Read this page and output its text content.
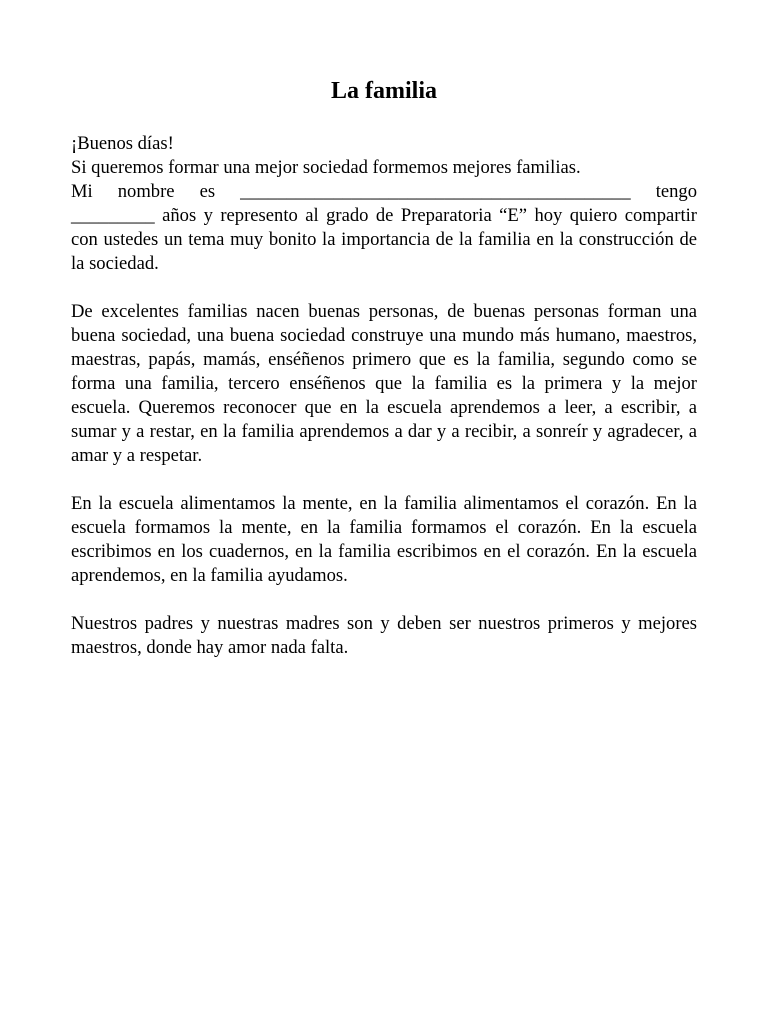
La familia
¡Buenos días!
Si queremos formar una mejor sociedad formemos mejores familias.
Mi nombre es __________________________________________ tengo
_________ años y represento al grado de Preparatoria “E” hoy quiero compartir con ustedes un tema muy bonito la importancia de la familia en la construcción de la sociedad.

De excelentes familias nacen buenas personas, de buenas personas forman una buena sociedad, una buena sociedad construye una mundo más humano, maestros, maestras, papás, mamás, enséñenos primero que es la familia, segundo como se forma una familia, tercero enséñenos que la familia es la primera y la mejor escuela. Queremos reconocer que en la escuela aprendemos a leer, a escribir, a sumar y a restar, en la familia aprendemos a dar y a recibir, a sonreír y agradecer, a amar y a respetar.

En la escuela alimentamos la mente, en la familia alimentamos el corazón. En la escuela formamos la mente, en la familia formamos el corazón. En la escuela escribimos en los cuadernos, en la familia escribimos en el corazón. En la escuela aprendemos, en la familia ayudamos.

Nuestros padres y nuestras madres son y deben ser nuestros primeros y mejores maestros, donde hay amor nada falta.
